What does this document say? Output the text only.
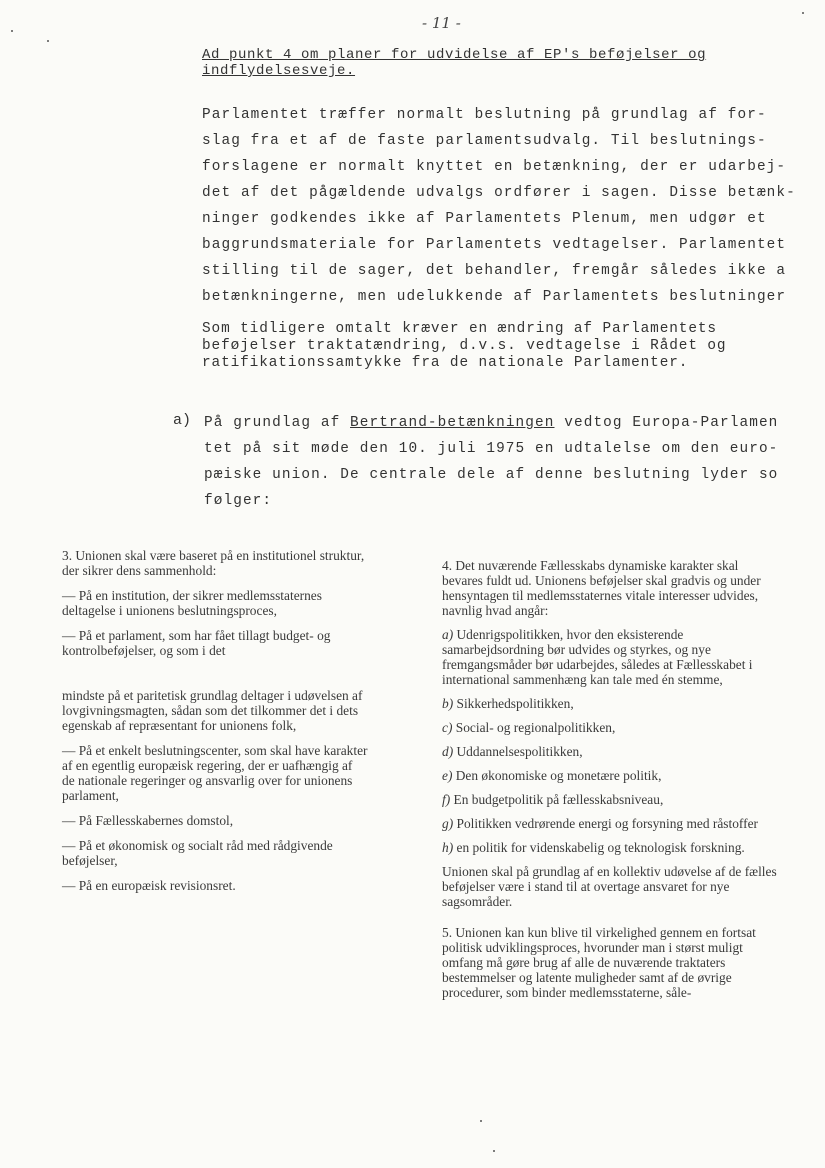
- 11 -
Ad punkt 4 om planer for udvidelse af EP's beføjelser og
indflydelsesveje.
Parlamentet træffer normalt beslutning på grundlag af for-
slag fra et af de faste parlamentsudvalg. Til beslutnings-
forslagene er normalt knyttet en betænkning, der er udarbej-
det af det pågældende udvalgs ordfører i sagen. Disse betænk-
ninger godkendes ikke af Parlamentets Plenum, men udgør et
baggrundsmateriale for Parlamentets vedtagelser. Parlamentet
stilling til de sager, det behandler, fremgår således ikke a
betænkningerne, men udelukkende af Parlamentets beslutninger
Som tidligere omtalt kræver en ændring af Parlamentets
beføjelser traktatændring, d.v.s. vedtagelse i Rådet og
ratifikationssamtykke fra de nationale Parlamenter.
a) På grundlag af Bertrand-betænkningen vedtog Europa-Parlamen
tet på sit møde den 10. juli 1975 en udtalelse om den euro-
pæiske union. De centrale dele af denne beslutning lyder so
følger:

3. Unionen skal være baseret på en institutionel struktur, der sikrer dens sammenhold:

— På en institution, der sikrer medlemsstaternes deltagelse i unionens beslutningsproces,

— På et parlament, som har fået tillagt budget- og kontrolbeføjelser, og som i det

mindste på et paritetisk grundlag deltager i udøvelsen af lovgivningsmagten, sådan som det tilkommer det i dets egenskab af repræsentant for unionens folk,

— På et enkelt beslutningscenter, som skal have karakter af en egentlig europæisk regering, der er uafhængig af de nationale regeringer og ansvarlig over for unionens parlament,

— På Fællesskabernes domstol,

— På et økonomisk og socialt råd med rådgivende beføjelser,

— På en europæisk revisionsret.

4. Det nuværende Fællesskabs dynamiske karakter skal bevares fuldt ud. Unionens beføjelser skal gradvis og under hensyntagen til medlemsstaternes vitale interesser udvides, navnlig hvad angår:

a) Udenrigspolitikken, hvor den eksisterende samarbejdsordning bør udvides og styrkes, og nye fremgangsmåder bør udarbejdes, således at Fællesskabet i international sammenhæng kan tale med én stemme,

b) Sikkerhedspolitikken,

c) Social- og regionalpolitikken,

d) Uddannelsespolitikken,

e) Den økonomiske og monetære politik,

f) En budgetpolitik på fællesskabsniveau,

g) Politikken vedrørende energi og forsyning med råstoffer

h) en politik for videnskabelig og teknologisk forskning.

Unionen skal på grundlag af en kollektiv udøvelse af de fælles beføjelser være i stand til at overtage ansvaret for nye sagsområder.

5. Unionen kan kun blive til virkelighed gennem en fortsat politisk udviklingsproces, hvorunder man i størst muligt omfang må gøre brug af alle de nuværende traktaters bestemmelser og latente muligheder samt af de øvrige procedurer, som binder medlemsstaterne, såle-
